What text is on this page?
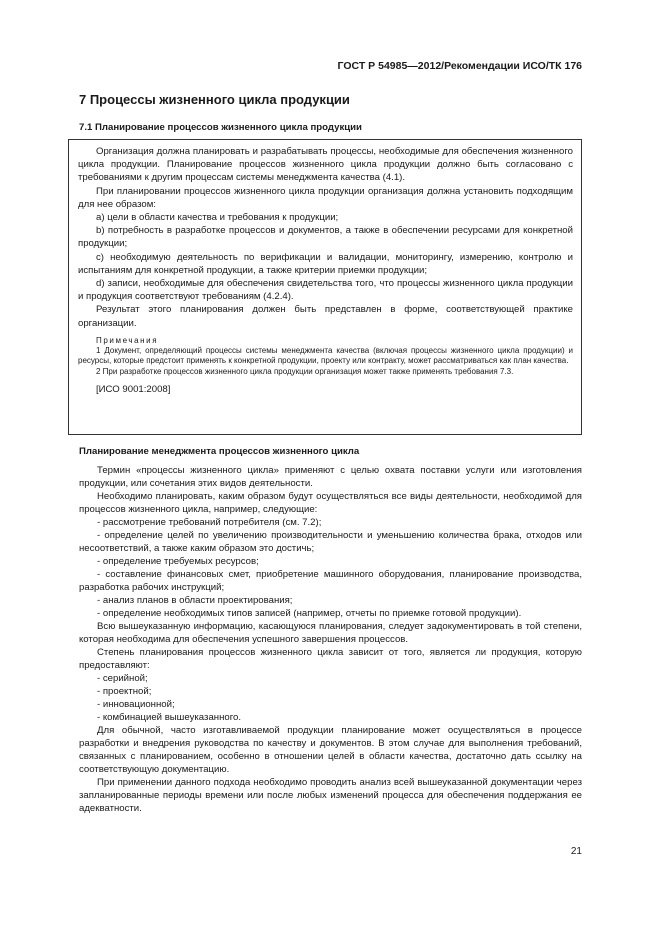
ГОСТ Р 54985—2012/Рекомендации ИСО/ТК 176
7 Процессы жизненного цикла продукции
7.1 Планирование процессов жизненного цикла продукции

Организация должна планировать и разрабатывать процессы, необходимые для обеспечения жизненного цикла продукции. Планирование процессов жизненного цикла продукции должно быть согласовано с требованиями к другим процессам системы менеджмента качества (4.1).

При планировании процессов жизненного цикла продукции организация должна установить подходящим для нее образом:

a) цели в области качества и требования к продукции;

b) потребность в разработке процессов и документов, а также в обеспечении ресурсами для конкретной продукции;

c) необходимую деятельность по верификации и валидации, мониторингу, измерению, контролю и испытаниям для конкретной продукции, а также критерии приемки продукции;

d) записи, необходимые для обеспечения свидетельства того, что процессы жизненного цикла продукции и продукция соответствуют требованиям (4.2.4).

Результат этого планирования должен быть представлен в форме, соответствующей практике организации.

Примечания

1 Документ, определяющий процессы системы менеджмента качества (включая процессы жизненного цикла продукции) и ресурсы, которые предстоит применять к конкретной продукции, проекту или контракту, может рассматриваться как план качества.

2 При разработке процессов жизненного цикла продукции организация может также применять требования 7.3.

[ИСО 9001:2008]

Планирование менеджмента процессов жизненного цикла

Термин «процессы жизненного цикла» применяют с целью охвата поставки услуги или изготовления продукции, или сочетания этих видов деятельности.

Необходимо планировать, каким образом будут осуществляться все виды деятельности, необходимой для процессов жизненного цикла, например, следующие:

- рассмотрение требований потребителя (см. 7.2);

- определение целей по увеличению производительности и уменьшению количества брака, отходов или несоответствий, а также каким образом это достичь;

- определение требуемых ресурсов;

- составление финансовых смет, приобретение машинного оборудования, планирование производства, разработка рабочих инструкций;

- анализ планов в области проектирования;

- определение необходимых типов записей (например, отчеты по приемке готовой продукции).

Всю вышеуказанную информацию, касающуюся планирования, следует задокументировать в той степени, которая необходима для обеспечения успешного завершения процессов.

Степень планирования процессов жизненного цикла зависит от того, является ли продукция, которую предоставляют:

- серийной;

- проектной;

- инновационной;

- комбинацией вышеуказанного.

Для обычной, часто изготавливаемой продукции планирование может осуществляться в процессе разработки и внедрения руководства по качеству и документов. В этом случае для выполнения требований, связанных с планированием, особенно в отношении целей в области качества, достаточно дать ссылку на соответствующую документацию.

При применении данного подхода необходимо проводить анализ всей вышеуказанной документации через запланированные периоды времени или после любых изменений процесса для обеспечения поддержания ее адекватности.

21
